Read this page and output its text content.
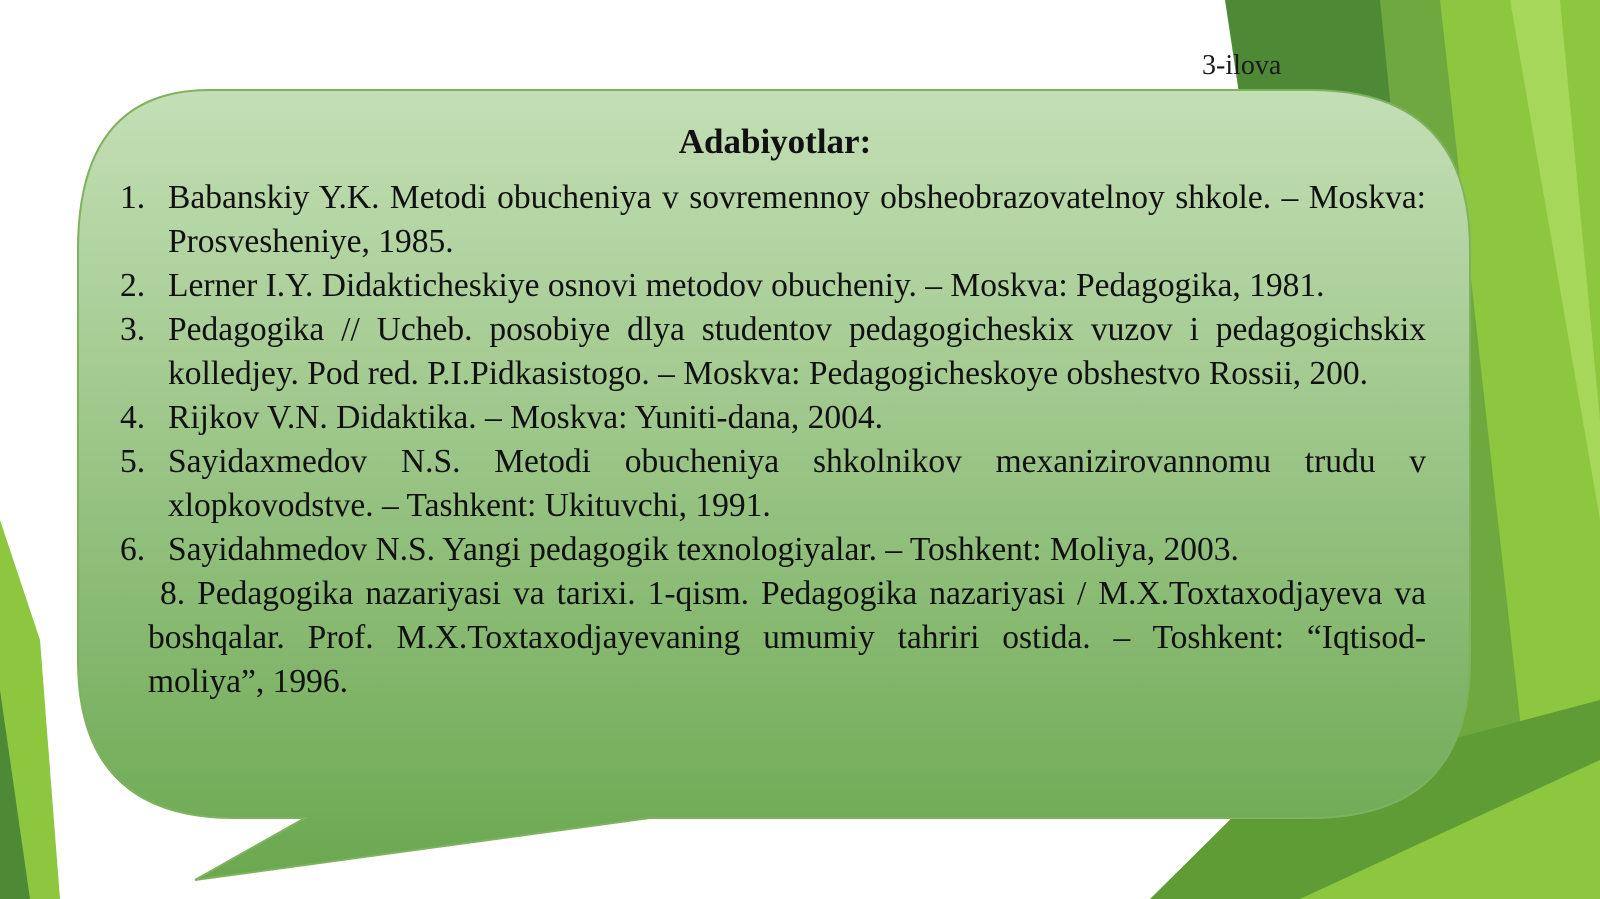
3-ilova
Adabiyotlar:
1. Babanskiy Y.K. Metodi obucheniya v sovremennoy obsheobrazovatelnoy shkole. – Moskva: Prosvesheniye, 1985.
2. Lerner I.Y. Didakticheskiye osnovi metodov obucheniy. – Moskva: Pedagogika, 1981.
3. Pedagogika // Ucheb. posobiye dlya studentov pedagogicheskix vuzov i pedagogichskix kolledjey. Pod red. P.I.Pidkasistogo. – Moskva: Pedagogicheskoye obshestvo Rossii, 200.
4. Rijkov V.N. Didaktika. – Moskva: Yuniti-dana, 2004.
5. Sayidaxmedov N.S. Metodi obucheniya shkolnikov mexanizirovannomu trudu v xlopkovodstve. – Tashkent: Ukituvchi, 1991.
6. Sayidahmedov N.S. Yangi pedagogik texnologiyalar. – Toshkent: Moliya, 2003.
8. Pedagogika nazariyasi va tarixi. 1-qism. Pedagogika nazariyasi / M.X.Toxtaxodjayeva va boshqalar. Prof. M.X.Toxtaxodjayevaning umumiy tahriri ostida. – Toshkent: “Iqtisod-moliya”, 1996.
